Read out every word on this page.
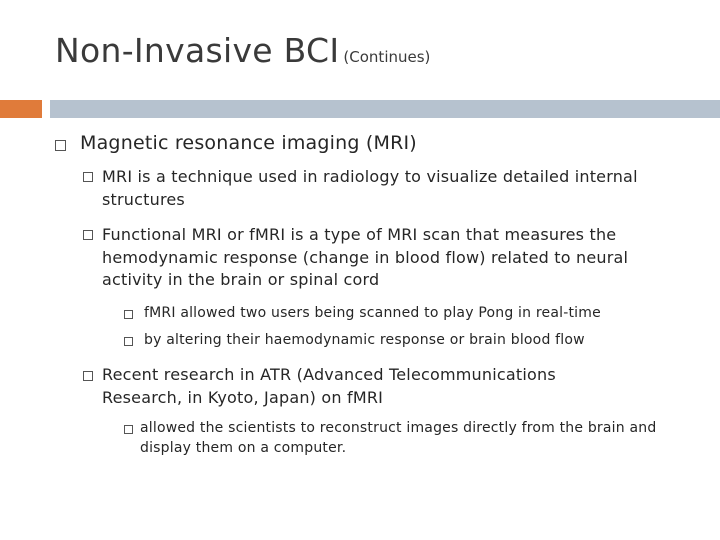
Non-Invasive BCI (Continues)
Magnetic resonance imaging (MRI)
MRI is a technique used in radiology to visualize detailed internal structures
Functional MRI or fMRI is a type of MRI scan that measures the hemodynamic response (change in blood flow) related to neural activity in the brain or spinal cord
fMRI allowed two users being scanned to play Pong in real-time
by altering their haemodynamic response or brain blood flow
Recent research in ATR (Advanced Telecommunications Research, in Kyoto, Japan) on fMRI
allowed the scientists to reconstruct images directly from the brain and display them on a computer.
